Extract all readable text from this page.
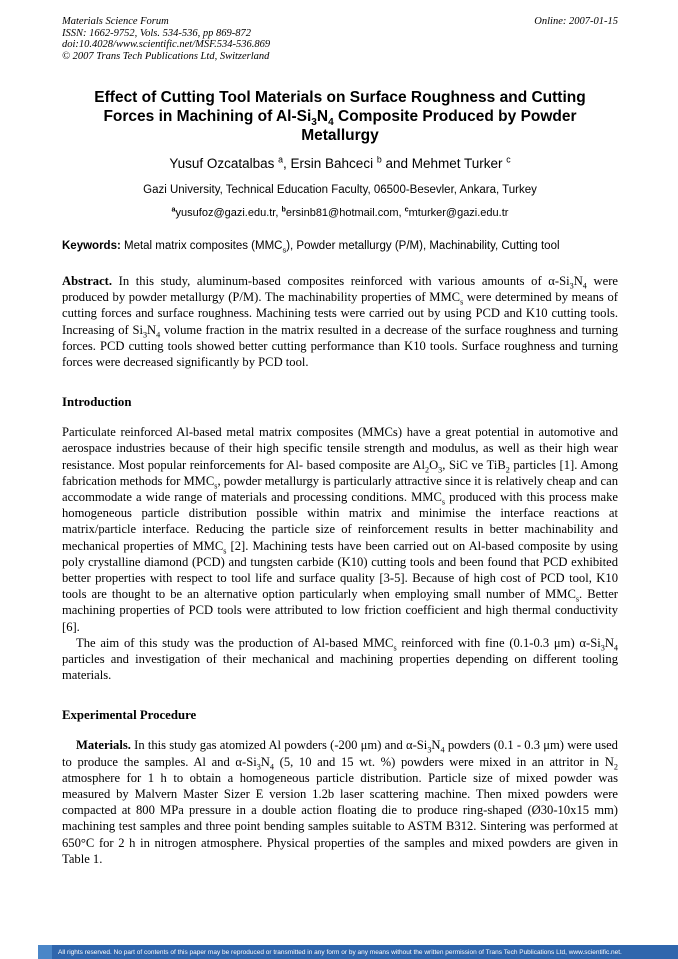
Materials Science Forum
ISSN: 1662-9752, Vols. 534-536, pp 869-872
doi:10.4028/www.scientific.net/MSF.534-536.869
© 2007 Trans Tech Publications Ltd, Switzerland
Online: 2007-01-15
Effect of Cutting Tool Materials on Surface Roughness and Cutting Forces in Machining of $Al-Si_3N_4$ Composite Produced by Powder Metallurgy
Yusuf Ozcatalbas $^a$, Ersin Bahceci $^b$ and Mehmet Turker $^c$
Gazi University, Technical Education Faculty, 06500-Besevler, Ankara, Turkey
$^a$yusufoz@gazi.edu.tr, $^b$ersinb81@hotmail.com, $^c$mturker@gazi.edu.tr
Keywords: Metal matrix composites $(MMC_s)$, Powder metallurgy (P/M), Machinability, Cutting tool

Abstract. In this study, aluminum-based composites reinforced with various amounts of $\alpha-Si_3N_4$ were produced by powder metallurgy (P/M). The machinability properties of $MMC_s$ were determined by means of cutting forces and surface roughness. Machining tests were carried out by using PCD and K10 cutting tools. Increasing of $Si_3N_4$ volume fraction in the matrix resulted in a decrease of the surface roughness and turning forces. PCD cutting tools showed better cutting performance than K10 tools. Surface roughness and turning forces were decreased significantly by PCD tool.

Introduction

Particulate reinforced Al-based metal matrix composites (MMCs) have a great potential in automotive and aerospace industries because of their high specific tensile strength and modulus, as well as their high wear resistance. Most popular reinforcements for Al- based composite are $Al_2O_3$, SiC ve TiB$_2$ particles [1]. Among fabrication methods for $MMC_s$, powder metallurgy is particularly attractive since it is relatively cheap and can accommodate a wide range of materials and processing conditions. $MMC_s$ produced with this process make homogeneous particle distribution possible within matrix and minimise the interface reactions at matrix/particle interface. Reducing the particle size of reinforcement results in better machinability and mechanical properties of $MMC_s$ [2]. Machining tests have been carried out on Al-based composite by using poly crystalline diamond (PCD) and tungsten carbide (K10) cutting tools and been found that PCD exhibited better properties with respect to tool life and surface quality [3-5]. Because of high cost of PCD tool, K10 tools are thought to be an alternative option particularly when employing small number of $MMC_s$. Better machining properties of PCD tools were attributed to low friction coefficient and high thermal conductivity [6].

The aim of this study was the production of Al-based $MMC_s$ reinforced with fine (0.1-0.3 μm) $\alpha-Si_3N_4$ particles and investigation of their mechanical and machining properties depending on different tooling materials.

Experimental Procedure

Materials. In this study gas atomized Al powders (-200 μm) and $\alpha-Si_3N_4$ powders (0.1 - 0.3 μm) were used to produce the samples. Al and $\alpha-Si_3N_4$ (5, 10 and 15 wt. %) powders were mixed in an attritor in $N_2$ atmosphere for 1 h to obtain a homogeneous particle distribution. Particle size of mixed powder was measured by Malvern Master Sizer E version 1.2b laser scattering machine. Then mixed powders were compacted at 800 MPa pressure in a double action floating die to produce ring-shaped (Ø30-10x15 mm) machining test samples and three point bending samples suitable to ASTM B312. Sintering was performed at 650°C for 2 h in nitrogen atmosphere. Physical properties of the samples and mixed powders are given in Table 1.

All rights reserved. No part of contents of this paper may be reproduced or transmitted in any form or by any means without the written permission of Trans Tech Publications Ltd, www.scientific.net.
